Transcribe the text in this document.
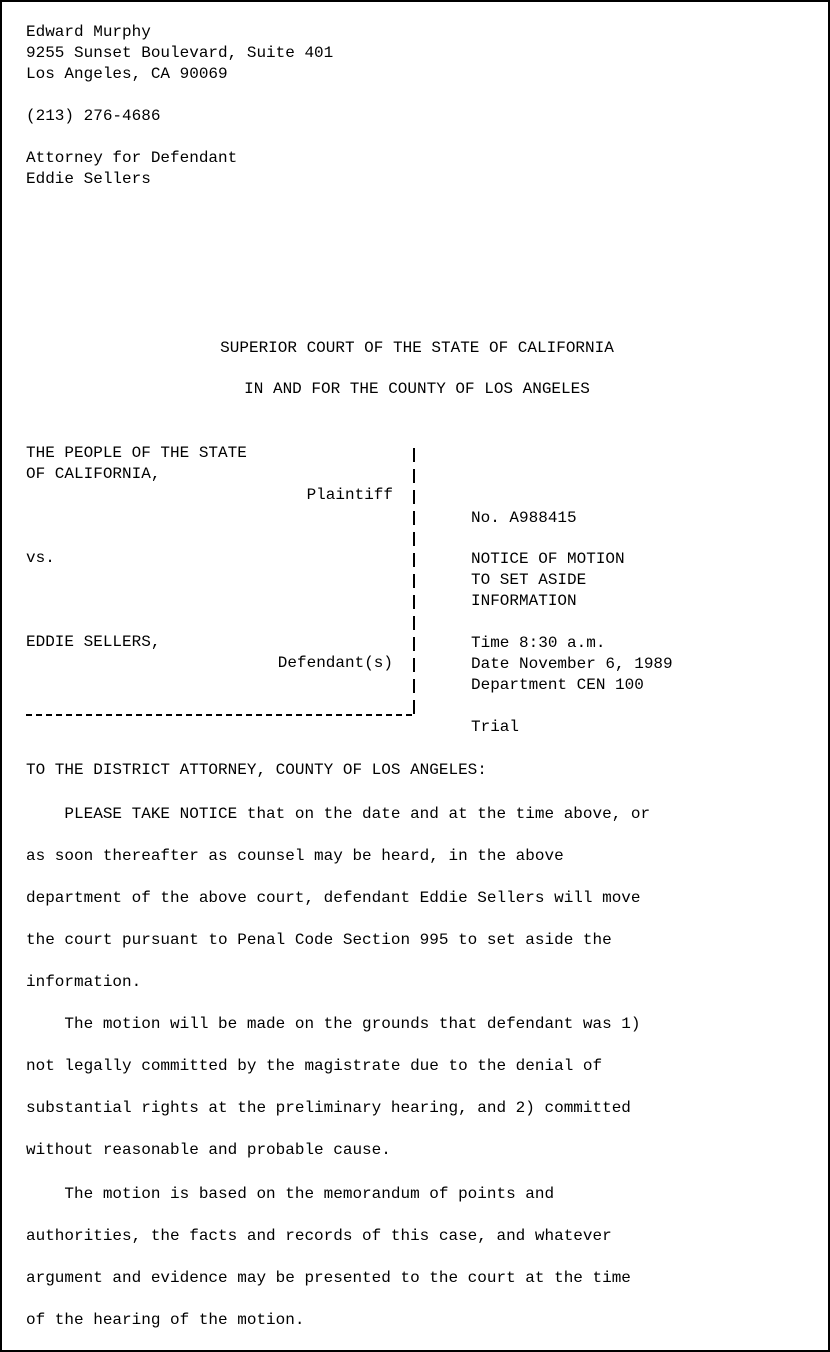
Edward Murphy
9255 Sunset Boulevard, Suite 401
Los Angeles, CA 90069
(213) 276-4686
Attorney for Defendant
Eddie Sellers
SUPERIOR COURT OF THE STATE OF CALIFORNIA
IN AND FOR THE COUNTY OF LOS ANGELES
THE PEOPLE OF THE STATE
OF CALIFORNIA,
Plaintiff
vs.
EDDIE SELLERS,
Defendant(s)
No. A988415
NOTICE OF MOTION
TO SET ASIDE
INFORMATION
Time 8:30 a.m.
Date November 6, 1989
Department CEN 100
Trial
TO THE DISTRICT ATTORNEY, COUNTY OF LOS ANGELES:
PLEASE TAKE NOTICE that on the date and at the time above, or
as soon thereafter as counsel may be heard, in the above
department of the above court, defendant Eddie Sellers will move
the court pursuant to Penal Code Section 995 to set aside the
information.
The motion will be made on the grounds that defendant was 1)
not legally committed by the magistrate due to the denial of
substantial rights at the preliminary hearing, and 2) committed
without reasonable and probable cause.
The motion is based on the memorandum of points and
authorities, the facts and records of this case, and whatever
argument and evidence may be presented to the court at the time
of the hearing of the motion.
